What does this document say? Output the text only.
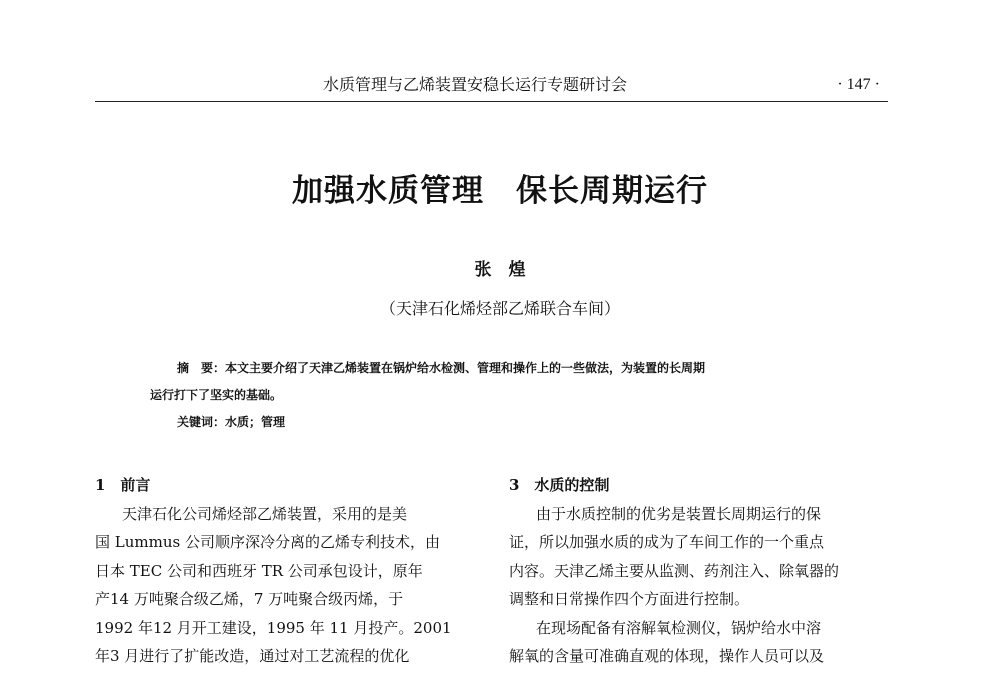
水质管理与乙烯装置安稳长运行专题研讨会	· 147 ·
加强水质管理　保长周期运行
张　煌
（天津石化烯烃部乙烯联合车间）
摘　要：本文主要介绍了天津乙烯装置在锅炉给水检测、管理和操作上的一些做法，为装置的长周期
运行打下了坚实的基础。
关键词：水质；管理
1　前言
天津石化公司烯烃部乙烯装置，采用的是美
国 Lummus 公司顺序深冷分离的乙烯专利技术，由
日本 TEC 公司和西班牙 TR 公司承包设计，原年
产14 万吨聚合级乙烯，7 万吨聚合级丙烯，于
1992 年12 月开工建设，1995 年 11 月投产。2001
年3 月进行了扩能改造，通过对工艺流程的优化
3　水质的控制
由于水质控制的优劣是装置长周期运行的保
证，所以加强水质的成为了车间工作的一个重点
内容。天津乙烯主要从监测、药剂注入、除氧器的
调整和日常操作四个方面进行控制。
在现场配备有溶解氧检测仪，锅炉给水中溶
解氧的含量可准确直观的体现，操作人员可以及
